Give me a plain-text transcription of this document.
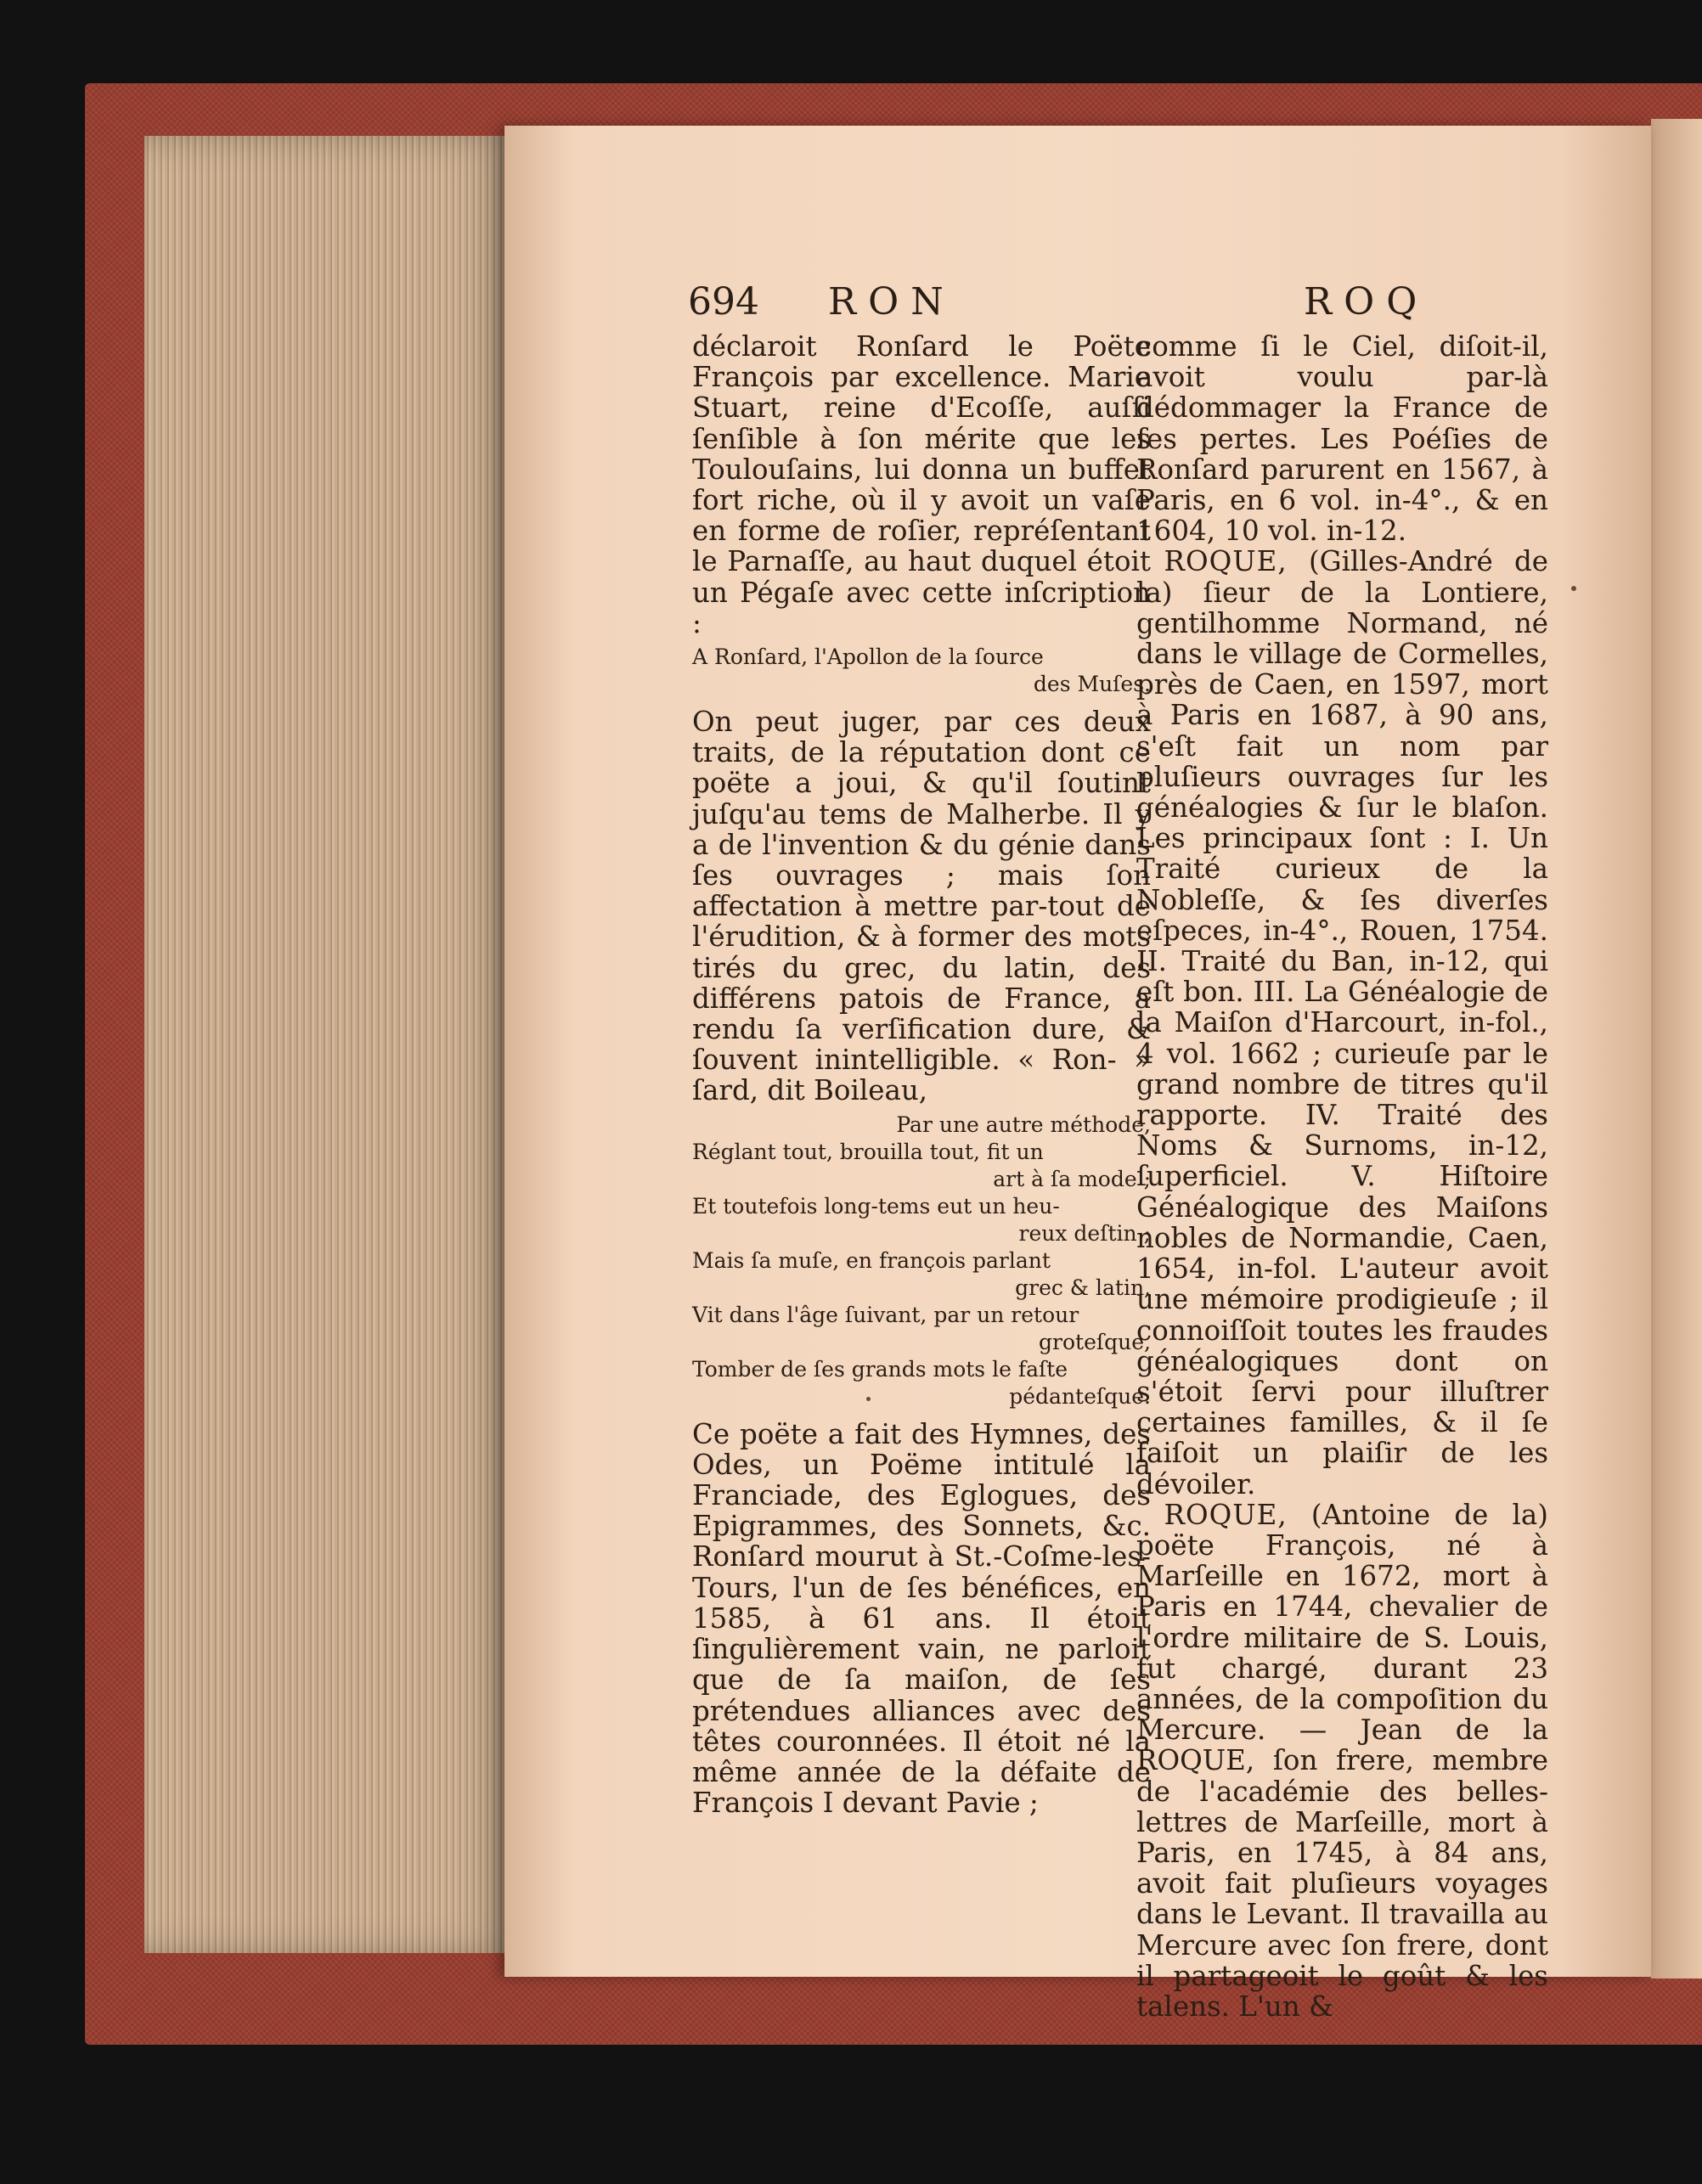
694 RON	ROQ

déclaroit Ronſard le Poëte François par excellence. Marie Stuart, reine d'Ecoſſe, auſſi ſenſible à ſon mérite que les Toulouſains, lui donna un buffet fort riche, où il y avoit un vaſe en forme de roſier, repréſentant le Parnaſſe, au haut duquel étoit un Pégaſe avec cette inſcription :

A Ronſard, l'Apollon de la ſource
des Muſes.

On peut juger, par ces deux traits, de la réputation dont ce poëte a joui, & qu'il ſoutint juſqu'au tems de Malherbe. Il y a de l'invention & du génie dans ſes ouvrages ; mais ſon affectation à mettre par-tout de l'érudition, & à former des mots tirés du grec, du latin, des différens patois de France, a rendu ſa verſification dure, & ſouvent inintelligible. « Ron- » ſard, dit Boileau,

Par une autre méthode,
Réglant tout, brouilla tout, fit un
art à ſa mode ;
Et toutefois long-tems eut un heu-
reux deſtin ;
Mais ſa muſe, en françois parlant
grec & latin,
Vit dans l'âge ſuivant, par un retour
groteſque,
Tomber de ſes grands mots le faſte
pédanteſque.

Ce poëte a fait des Hymnes, des Odes, un Poëme intitulé la Franciade, des Eglogues, des Epigrammes, des Sonnets, &c. Ronſard mourut à St.-Coſme-les-Tours, l'un de ſes bénéfices, en 1585, à 61 ans. Il étoit ſingulièrement vain, ne parloit que de ſa maiſon, de ſes prétendues alliances avec des têtes couronnées. Il étoit né la même année de la défaite de François I devant Pavie ;

comme ſi le Ciel, diſoit-il, avoit voulu par-là dédommager la France de ſes pertes. Les Poéſies de Ronſard parurent en 1567, à Paris, en 6 vol. in-4°., & en 1604, 10 vol. in-12.

 ROQUE, (Gilles-André de la) ſieur de la Lontiere, gentilhomme Normand, né dans le village de Cormelles, près de Caen, en 1597, mort à Paris en 1687, à 90 ans, s'eſt fait un nom par pluſieurs ouvrages ſur les généalogies & ſur le blaſon. Les principaux ſont : I. Un Traité curieux de la Nobleſſe, & ſes diverſes eſpeces, in-4°., Rouen, 1754. II. Traité du Ban, in-12, qui eſt bon. III. La Généalogie de la Maiſon d'Harcourt, in-fol., 4 vol. 1662 ; curieuſe par le grand nombre de titres qu'il rapporte. IV. Traité des Noms & Surnoms, in-12, ſuperficiel. V. Hiſtoire Généalogique des Maiſons nobles de Normandie, Caen, 1654, in-fol. L'auteur avoit une mémoire prodigieuſe ; il connoiſſoit toutes les fraudes généalogiques dont on s'étoit ſervi pour illuſtrer certaines familles, & il ſe faiſoit un plaiſir de les dévoiler.

 ROQUE, (Antoine de la) poëte François, né à Marſeille en 1672, mort à Paris en 1744, chevalier de l'ordre militaire de S. Louis, fut chargé, durant 23 années, de la compoſition du Mercure. — Jean de la ROQUE, ſon frere, membre de l'académie des belles-lettres de Marſeille, mort à Paris, en 1745, à 84 ans, avoit fait pluſieurs voyages dans le Levant. Il travailla au Mercure avec ſon frere, dont il partageoit le goût & les talens. L'un &
